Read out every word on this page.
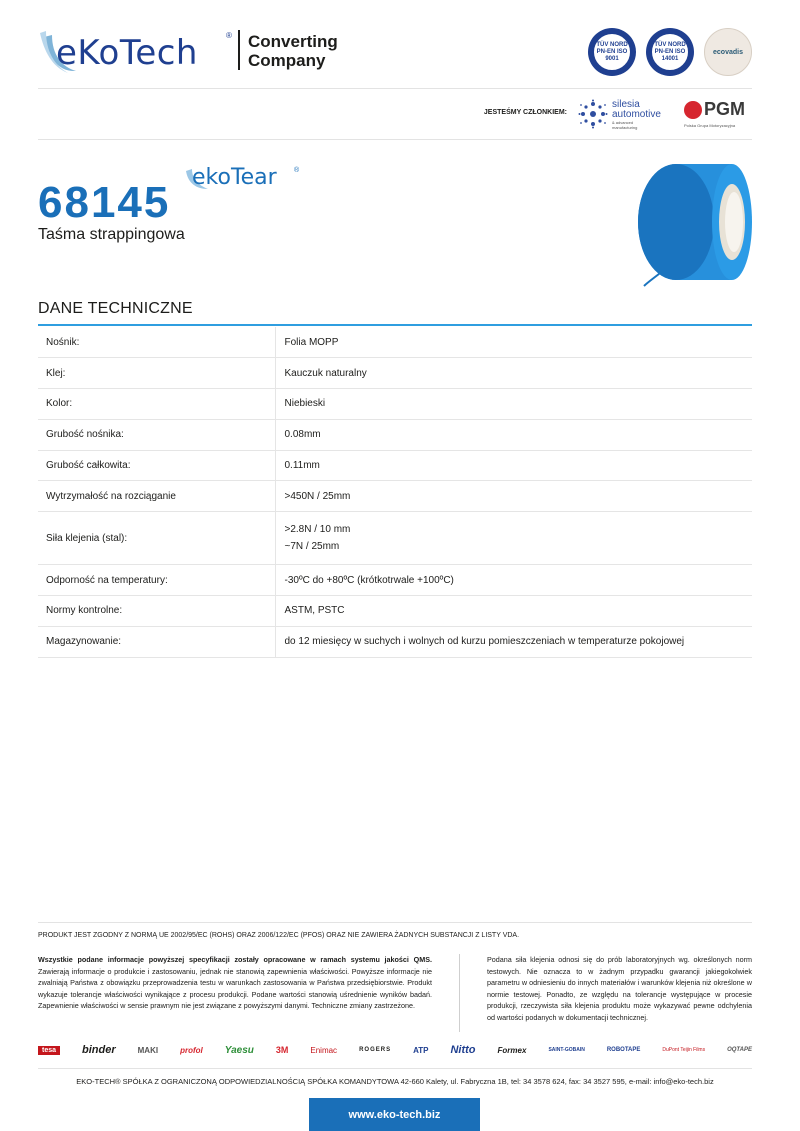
eKoTech	® Converting
Company
TÜV NORD PN-EN ISO 9001
TÜV NORD PN-EN ISO 14001
ecovadis
JESTEŚMY CZŁONKIEM:
silesia
automotive
& advanced
manufacturing
PGM
Polska Grupa Motoryzacyjna
68145
ekoTear ®
Taśma strappingowa
DANE TECHNICZNE
Nośnik:	Folia MOPP
Klej:	Kauczuk naturalny
Kolor:	Niebieski
Grubość nośnika:	0.08mm
Grubość całkowita:	0.11mm
Wytrzymałość na rozciąganie	>450N / 25mm
Siła klejenia (stal):	>2.8N / 10 mm
~7N / 25mm

Odporność na temperatury:	-30ºC do +80ºC (krótkotrwale +100ºC)
Normy kontrolne:	ASTM, PSTC
Magazynowanie:	do 12 miesięcy w suchych i wolnych od kurzu pomieszczeniach w temperaturze pokojowej
PRODUKT JEST ZGODNY Z NORMĄ UE 2002/95/EC (ROHS) ORAZ 2006/122/EC (PFOS) ORAZ NIE ZAWIERA ŻADNYCH SUBSTANCJI Z LISTY VDA.
Wszystkie podane informacje powyższej specyfikacji zostały opracowane w ramach systemu jakości QMS. Zawierają informacje o produkcie i zastosowaniu, jednak nie stanowią zapewnienia właściwości. Powyższe informacje nie zwalniają Państwa z obowiązku przeprowadzenia testu w warunkach zastosowania w Państwa przedsiębiorstwie. Produkt wykazuje tolerancje właściwości wynikające z procesu produkcji. Podane wartości stanowią uśrednienie wyników badań. Zapewnienie właściwości w sensie prawnym nie jest związane z powyższymi danymi. Techniczne zmiany zastrzeżone.
Podana siła klejenia odnosi się do prób laboratoryjnych wg. określonych norm testowych. Nie oznacza to w żadnym przypadku gwarancji jakiegokolwiek parametru w odniesieniu do innych materiałów i warunków klejenia niż określone w normie testowej. Ponadto, ze względu na tolerancje występujące w procesie produkcji, rzeczywista siła klejenia produktu może wykazywać pewne odchylenia od wartości podanych w dokumentacji technicznej.
tesa	binder	MAKI	profol Yaesu 3M	Enimac	ROGERS	ATP Nitto	Formex	SAINT-GOBAIN	ROBOTAPE	DuPont Teijin Films	OQTAPE
EKO-TECH® SPÓŁKA Z OGRANICZONĄ ODPOWIEDZIALNOŚCIĄ SPÓŁKA KOMANDYTOWA 42-660 Kalety, ul. Fabryczna 1B, tel: 34 3578 624, fax: 34 3527 595, e-mail: info@eko-tech.biz
www.eko-tech.biz
